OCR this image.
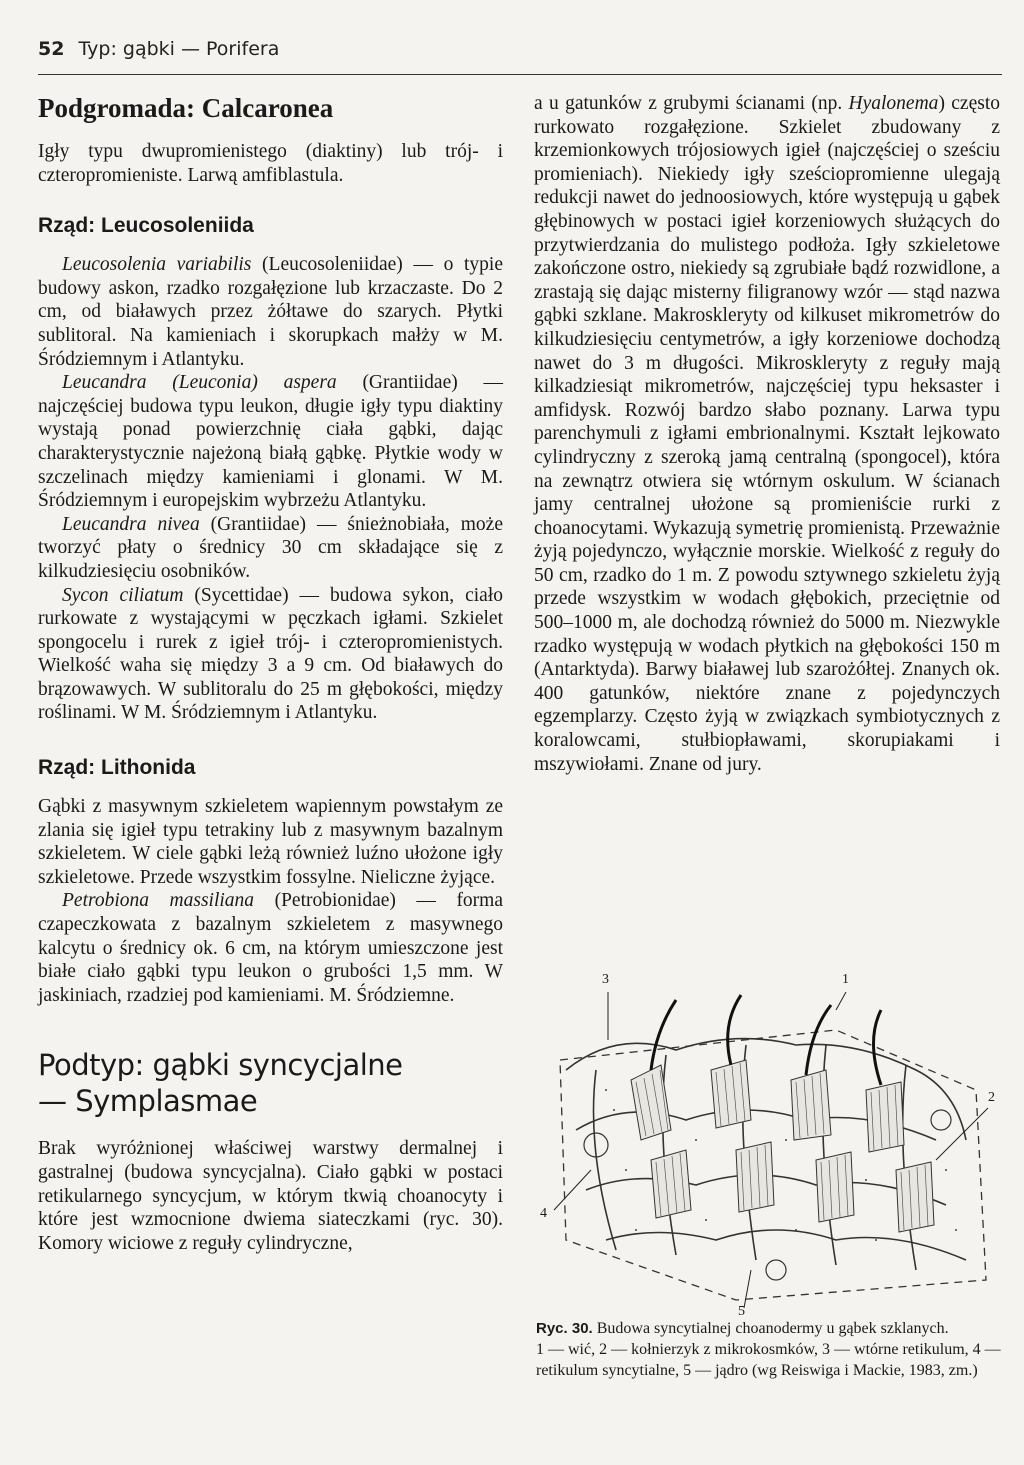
52 Typ: gąbki — Porifera
Podgromada: Calcaronea

Igły typu dwupromienistego (diaktiny) lub trój- i czteropromieniste. Larwą amfiblastula.

Rząd: Leucosoleniida

Leucosolenia variabilis (Leucosoleniidae) — o typie budowy askon, rzadko rozgałęzione lub krzaczaste. Do 2 cm, od białawych przez żółtawe do szarych. Płytki sublitoral. Na kamieniach i skorupkach małży w M. Śródziemnym i Atlantyku.

Leucandra (Leuconia) aspera (Grantiidae) — najczęściej budowa typu leukon, długie igły typu diaktiny wystają ponad powierzchnię ciała gąbki, dając charakterystycznie najeżoną białą gąbkę. Płytkie wody w szczelinach między kamieniami i glonami. W M. Śródziemnym i europejskim wybrzeżu Atlantyku.

Leucandra nivea (Grantiidae) — śnieżnobiała, może tworzyć płaty o średnicy 30 cm składające się z kilkudziesięciu osobników.

Sycon ciliatum (Sycettidae) — budowa sykon, ciało rurkowate z wystającymi w pęczkach igłami. Szkielet spongocelu i rurek z igieł trój- i czteropromienistych. Wielkość waha się między 3 a 9 cm. Od białawych do brązowawych. W sublitoralu do 25 m głębokości, między roślinami. W M. Śródziemnym i Atlantyku.

Rząd: Lithonida

Gąbki z masywnym szkieletem wapiennym powstałym ze zlania się igieł typu tetrakiny lub z masywnym bazalnym szkieletem. W ciele gąbki leżą również luźno ułożone igły szkieletowe. Przede wszystkim fossylne. Nieliczne żyjące.

Petrobiona massiliana (Petrobionidae) — forma czapeczkowata z bazalnym szkieletem z masywnego kalcytu o średnicy ok. 6 cm, na którym umieszczone jest białe ciało gąbki typu leukon o grubości 1,5 mm. W jaskiniach, rzadziej pod kamieniami. M. Śródziemne.

Podtyp: gąbki syncycjalne
— Symplasmae

Brak wyróżnionej właściwej warstwy dermalnej i gastralnej (budowa syncycjalna). Ciało gąbki w postaci retikularnego syncycjum, w którym tkwią choanocyty i które jest wzmocnione dwiema siateczkami (ryc. 30). Komory wiciowe z reguły cylindryczne,

a u gatunków z grubymi ścianami (np. Hyalonema) często rurkowato rozgałęzione. Szkielet zbudowany z krzemionkowych trójosiowych igieł (najczęściej o sześciu promieniach). Niekiedy igły sześciopromienne ulegają redukcji nawet do jednoosiowych, które występują u gąbek głębinowych w postaci igieł korzeniowych służących do przytwierdzania do mulistego podłoża. Igły szkieletowe zakończone ostro, niekiedy są zgrubiałe bądź rozwidlone, a zrastają się dając misterny filigranowy wzór — stąd nazwa gąbki szklane. Makroskleryty od kilkuset mikrometrów do kilkudziesięciu centymetrów, a igły korzeniowe dochodzą nawet do 3 m długości. Mikroskleryty z reguły mają kilkadziesiąt mikrometrów, najczęściej typu heksaster i amfidysk. Rozwój bardzo słabo poznany. Larwa typu parenchymuli z igłami embrionalnymi. Kształt lejkowato cylindryczny z szeroką jamą centralną (spongocel), która na zewnątrz otwiera się wtórnym oskulum. W ścianach jamy centralnej ułożone są promieniście rurki z choanocytami. Wykazują symetrię promienistą. Przeważnie żyją pojedynczo, wyłącznie morskie. Wielkość z reguły do 50 cm, rzadko do 1 m. Z powodu sztywnego szkieletu żyją przede wszystkim w wodach głębokich, przeciętnie od 500–1000 m, ale dochodzą również do 5000 m. Niezwykle rzadko występują w wodach płytkich na głębokości 150 m (Antarktyda). Barwy białawej lub szarożółtej. Znanych ok. 400 gatunków, niektóre znane z pojedynczych egzemplarzy. Często żyją w związkach symbiotycznych z koralowcami, stułbiopławami, skorupiakami i mszywiołami. Znane od jury.

3	1
2
4
5

Ryc. 30. Budowa syncytialnej choanodermy u gąbek szklanych.

1 — wić, 2 — kołnierzyk z mikrokosmków, 3 — wtórne retikulum, 4 — retikulum syncytialne, 5 — jądro (wg Reiswiga i Mackie, 1983, zm.)
